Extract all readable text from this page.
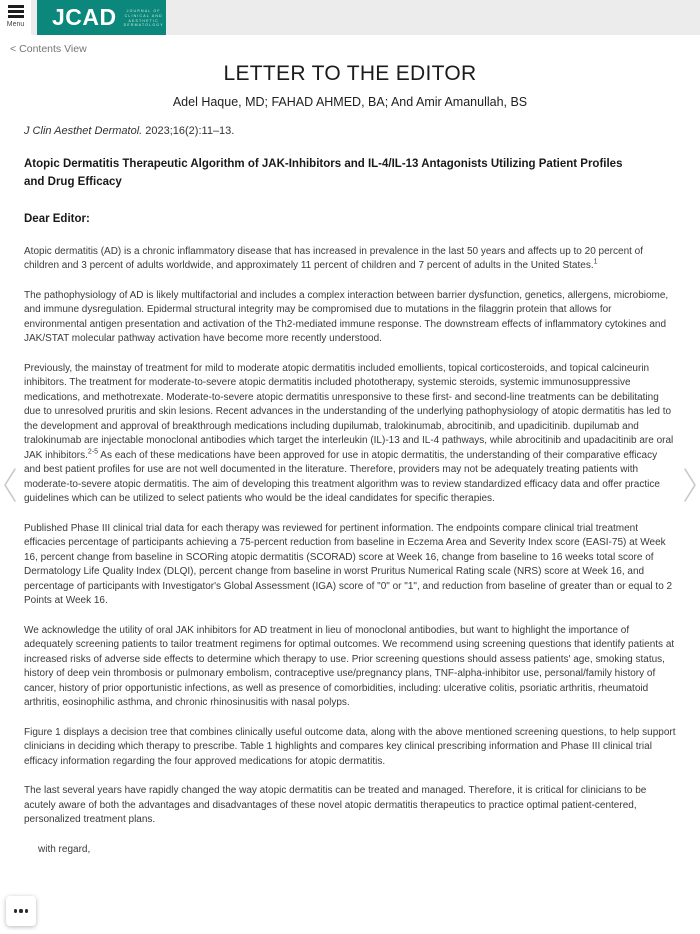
Menu JCAD	JOURNAL OF
CLINICAL AND
AESTHETIC
DERMATOLOGY
< Contents View
LETTER TO THE EDITOR
Adel Haque, MD; FAHAD AHMED, BA; And Amir Amanullah, BS
J Clin Aesthet Dermatol. 2023;16(2):11–13.
Atopic Dermatitis Therapeutic Algorithm of JAK-Inhibitors and IL-4/IL-13 Antagonists Utilizing Patient Profiles and Drug Efficacy
Dear Editor:

Atopic dermatitis (AD) is a chronic inflammatory disease that has increased in prevalence in the last 50 years and affects up to 20 percent of children and 3 percent of adults worldwide, and approximately 11 percent of children and 7 percent of adults in the United States.$^1$

The pathophysiology of AD is likely multifactorial and includes a complex interaction between barrier dysfunction, genetics, allergens, microbiome, and immune dysregulation. Epidermal structural integrity may be compromised due to mutations in the filaggrin protein that allows for environmental antigen presentation and activation of the Th2-mediated immune response. The downstream effects of inflammatory cytokines and JAK/STAT molecular pathway activation have become more recently understood.

Previously, the mainstay of treatment for mild to moderate atopic dermatitis included emollients, topical corticosteroids, and topical calcineurin inhibitors. The treatment for moderate-to-severe atopic dermatitis included phototherapy, systemic steroids, systemic immunosuppressive medications, and methotrexate. Moderate-to-severe atopic dermatitis unresponsive to these first- and second-line treatments can be debilitating due to unresolved pruritis and skin lesions. Recent advances in the understanding of the underlying pathophysiology of atopic dermatitis has led to the development and approval of breakthrough medications including dupilumab, tralokinumab, abrocitinib, and upadicitinib. dupilumab and tralokinumab are injectable monoclonal antibodies which target the interleukin (IL)-13 and IL-4 pathways, while abrocitinib and upadacitinib are oral JAK inhibitors.$^{2-5}$ As each of these medications have been approved for use in atopic dermatitis, the understanding of their comparative efficacy and best patient profiles for use are not well documented in the literature. Therefore, providers may not be adequately treating patients with moderate-to-severe atopic dermatitis. The aim of developing this treatment algorithm was to review standardized efficacy data and offer practice guidelines which can be utilized to select patients who would be the ideal candidates for specific therapies.

Published Phase III clinical trial data for each therapy was reviewed for pertinent information. The endpoints compare clinical trial treatment efficacies percentage of participants achieving a 75-percent reduction from baseline in Eczema Area and Severity Index score (EASI-75) at Week 16, percent change from baseline in SCORing atopic dermatitis (SCORAD) score at Week 16, change from baseline to 16 weeks total score of Dermatology Life Quality Index (DLQI), percent change from baseline in worst Pruritus Numerical Rating scale (NRS) score at Week 16, and percentage of participants with Investigator's Global Assessment (IGA) score of "0" or "1", and reduction from baseline of greater than or equal to 2 Points at Week 16.

We acknowledge the utility of oral JAK inhibitors for AD treatment in lieu of monoclonal antibodies, but want to highlight the importance of adequately screening patients to tailor treatment regimens for optimal outcomes. We recommend using screening questions that identify patients at increased risks of adverse side effects to determine which therapy to use. Prior screening questions should assess patients' age, smoking status, history of deep vein thrombosis or pulmonary embolism, contraceptive use/pregnancy plans, TNF-alpha-inhibitor use, personal/family history of cancer, history of prior opportunistic infections, as well as presence of comorbidities, including: ulcerative colitis, psoriatic arthritis, rheumatoid arthritis, eosinophilic asthma, and chronic rhinosinusitis with nasal polyps.

Figure 1 displays a decision tree that combines clinically useful outcome data, along with the above mentioned screening questions, to help support clinicians in deciding which therapy to prescribe. Table 1 highlights and compares key clinical prescribing information and Phase III clinical trial efficacy information regarding the four approved medications for atopic dermatitis.

The last several years have rapidly changed the way atopic dermatitis can be treated and managed. Therefore, it is critical for clinicians to be acutely aware of both the advantages and disadvantages of these novel atopic dermatitis therapeutics to practice optimal patient-centered, personalized treatment plans.

with regard,
